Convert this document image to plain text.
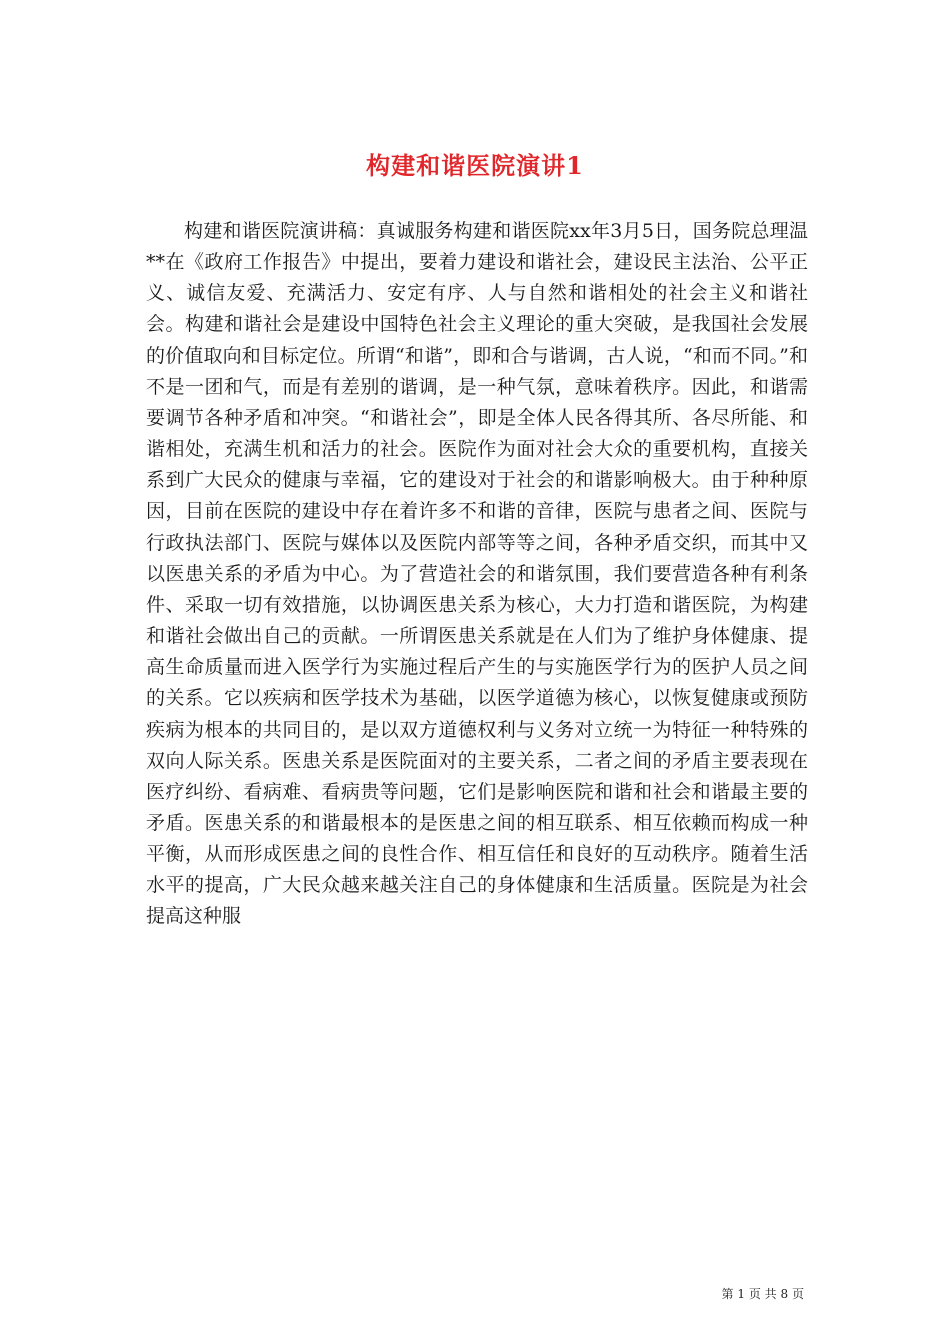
构建和谐医院演讲1

构建和谐医院演讲稿：真诚服务构建和谐医院xx年3月5日，国务院总理温**在《政府工作报告》中提出，要着力建设和谐社会，建设民主法治、公平正义、诚信友爱、充满活力、安定有序、人与自然和谐相处的社会主义和谐社会。构建和谐社会是建设中国特色社会主义理论的重大突破，是我国社会发展的价值取向和目标定位。所谓“和谐”，即和合与谐调，古人说，“和而不同。”和不是一团和气，而是有差别的谐调，是一种气氛，意味着秩序。因此，和谐需要调节各种矛盾和冲突。“和谐社会”，即是全体人民各得其所、各尽所能、和谐相处，充满生机和活力的社会。医院作为面对社会大众的重要机构，直接关系到广大民众的健康与幸福，它的建设对于社会的和谐影响极大。由于种种原因，目前在医院的建设中存在着许多不和谐的音律，医院与患者之间、医院与行政执法部门、医院与媒体以及医院内部等等之间，各种矛盾交织，而其中又以医患关系的矛盾为中心。为了营造社会的和谐氛围，我们要营造各种有利条件、采取一切有效措施，以协调医患关系为核心，大力打造和谐医院，为构建和谐社会做出自己的贡献。一所谓医患关系就是在人们为了维护身体健康、提高生命质量而进入医学行为实施过程后产生的与实施医学行为的医护人员之间的关系。它以疾病和医学技术为基础，以医学道德为核心，以恢复健康或预防疾病为根本的共同目的，是以双方道德权利与义务对立统一为特征一种特殊的双向人际关系。医患关系是医院面对的主要关系，二者之间的矛盾主要表现在医疗纠纷、看病难、看病贵等问题，它们是影响医院和谐和社会和谐最主要的矛盾。医患关系的和谐最根本的是医患之间的相互联系、相互依赖而构成一种平衡，从而形成医患之间的良性合作、相互信任和良好的互动秩序。随着生活水平的提高，广大民众越来越关注自己的身体健康和生活质量。医院是为社会提高这种服

第 1 页 共 8 页
